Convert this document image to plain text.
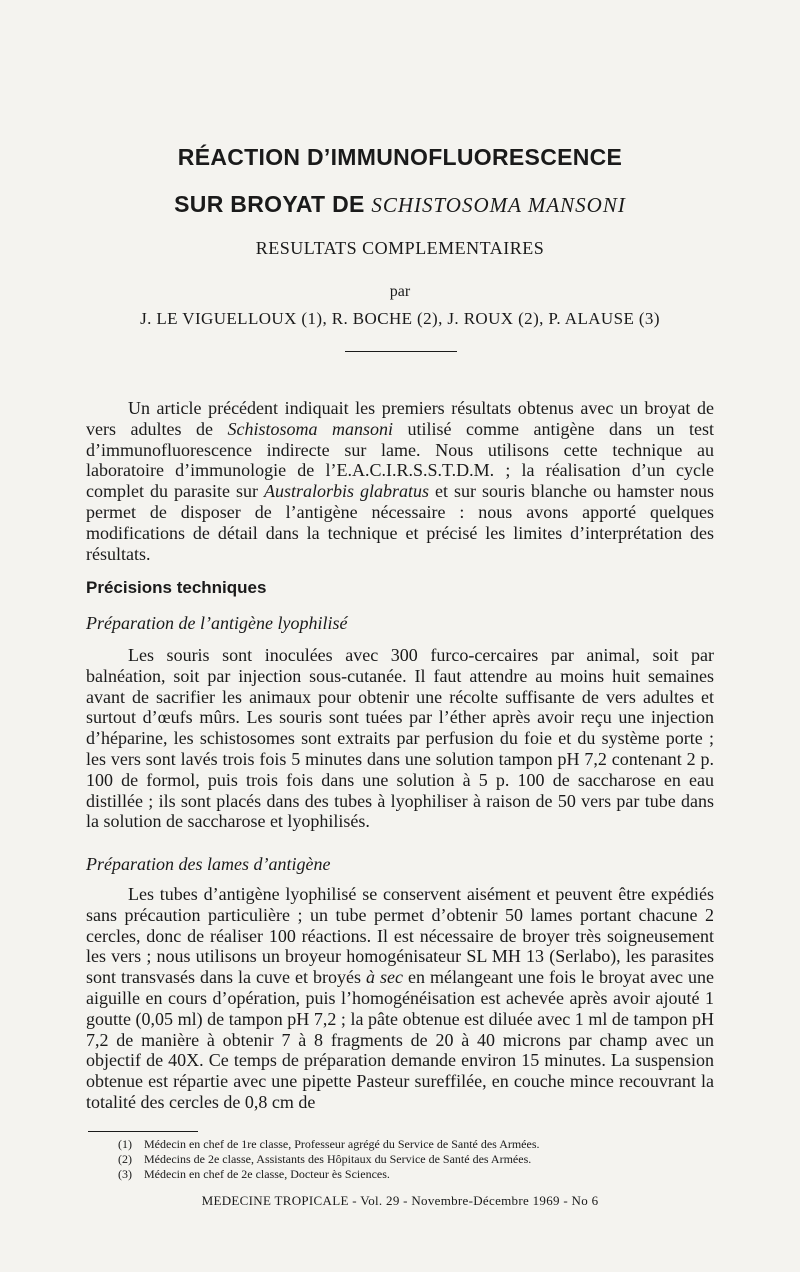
RÉACTION D’IMMUNOFLUORESCENCE
SUR BROYAT DE SCHISTOSOMA MANSONI
RESULTATS COMPLEMENTAIRES
par
J. LE VIGUELLOUX (1), R. BOCHE (2), J. ROUX (2), P. ALAUSE (3)

Un article précédent indiquait les premiers résultats obtenus avec un broyat de vers adultes de Schistosoma mansoni utilisé comme antigène dans un test d’immunofluorescence indirecte sur lame. Nous utilisons cette technique au laboratoire d’immunologie de l’E.A.C.I.R.S.S.T.D.M. ; la réalisation d’un cycle complet du parasite sur Australorbis glabratus et sur souris blanche ou hamster nous permet de disposer de l’antigène nécessaire : nous avons apporté quelques modifications de détail dans la technique et précisé les limites d’interprétation des résultats.

Précisions techniques
Préparation de l’antigène lyophilisé

Les souris sont inoculées avec 300 furco-cercaires par animal, soit par balnéation, soit par injection sous-cutanée. Il faut attendre au moins huit semaines avant de sacrifier les animaux pour obtenir une récolte suffisante de vers adultes et surtout d’œufs mûrs. Les souris sont tuées par l’éther après avoir reçu une injection d’héparine, les schistosomes sont extraits par perfusion du foie et du système porte ; les vers sont lavés trois fois 5 minutes dans une solution tampon pH 7,2 contenant 2 p. 100 de formol, puis trois fois dans une solution à 5 p. 100 de saccharose en eau distillée ; ils sont placés dans des tubes à lyophiliser à raison de 50 vers par tube dans la solution de saccharose et lyophilisés.

Préparation des lames d’antigène

Les tubes d’antigène lyophilisé se conservent aisément et peuvent être expédiés sans précaution particulière ; un tube permet d’obtenir 50 lames portant chacune 2 cercles, donc de réaliser 100 réactions. Il est nécessaire de broyer très soigneusement les vers ; nous utilisons un broyeur homogénisateur SL MH 13 (Serlabo), les parasites sont transvasés dans la cuve et broyés à sec en mélangeant une fois le broyat avec une aiguille en cours d’opération, puis l’homogénéisation est achevée après avoir ajouté 1 goutte (0,05 ml) de tampon pH 7,2 ; la pâte obtenue est diluée avec 1 ml de tampon pH 7,2 de manière à obtenir 7 à 8 fragments de 20 à 40 microns par champ avec un objectif de 40X. Ce temps de préparation demande environ 15 minutes. La suspension obtenue est répartie avec une pipette Pasteur sureffilée, en couche mince recouvrant la totalité des cercles de 0,8 cm de

(1)	Médecin en chef de 1re classe, Professeur agrégé du Service de Santé des Armées.
(2)	Médecins de 2e classe, Assistants des Hôpitaux du Service de Santé des Armées.
(3)	Médecin en chef de 2e classe, Docteur ès Sciences.
MEDECINE TROPICALE - Vol. 29 - Novembre-Décembre 1969 - No 6
